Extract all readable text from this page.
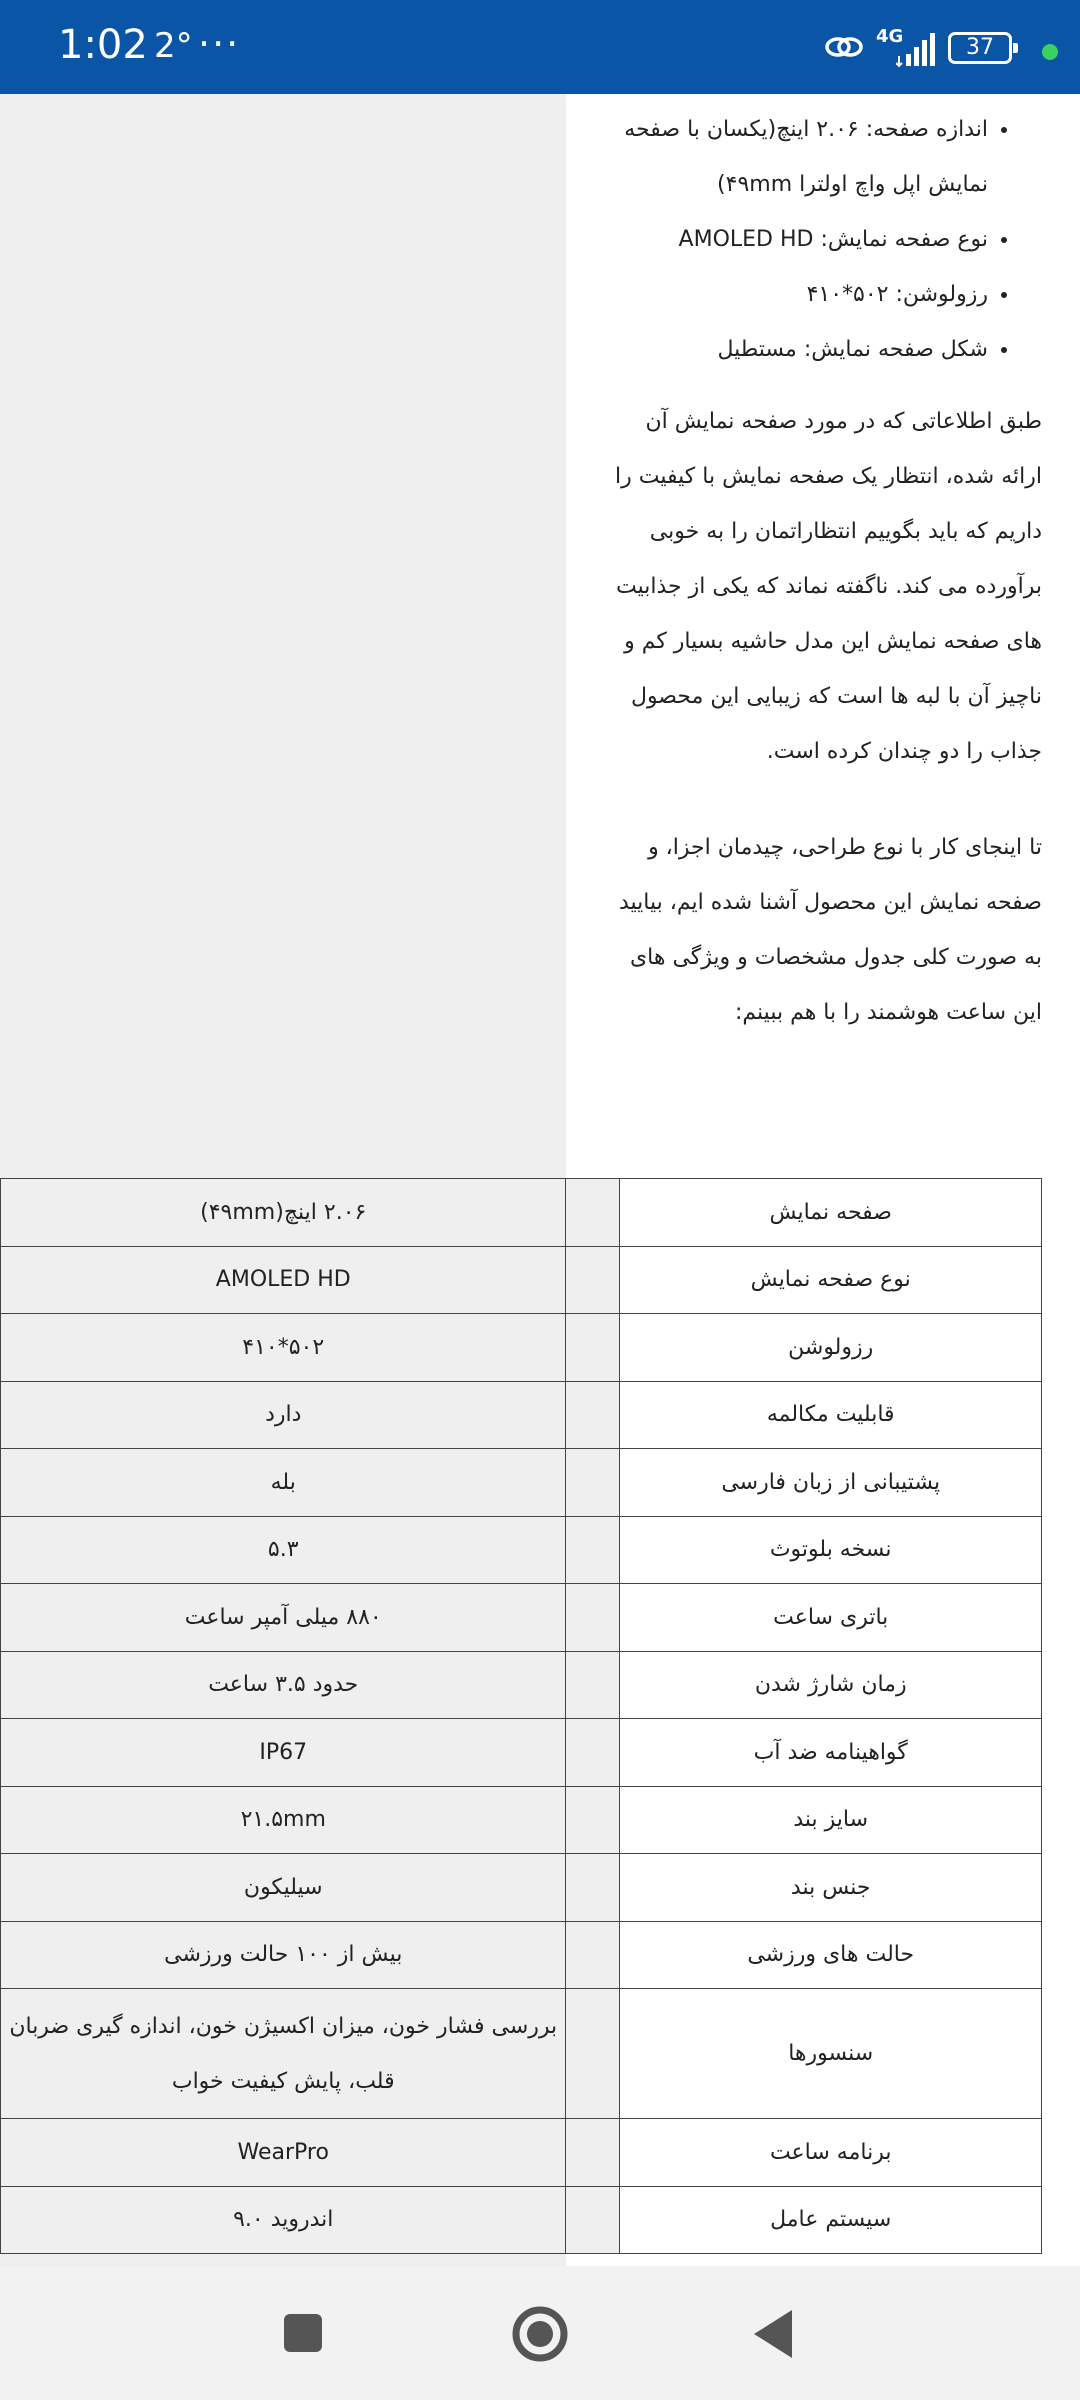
1:02 2° ···	4G	37
• اندازه صفحه: ۲.۰۶ اینچ(یکسان با صفحه نمایش اپل واچ اولترا ۴۹mm)
• نوع صفحه نمایش: AMOLED HD
• رزولوشن: ۵۰۲*۴۱۰
• شکل صفحه نمایش: مستطیل

طبق اطلاعاتی که در مورد صفحه نمایش آن ارائه شده، انتظار یک صفحه نمایش با کیفیت را داریم که باید بگوییم انتظاراتمان را به خوبی برآورده می کند. ناگفته نماند که یکی از جذابیت های صفحه نمایش این مدل حاشیه بسیار کم و ناچیز آن با لبه ها است که زیبایی این محصول جذاب را دو چندان کرده است.

تا اینجای کار با نوع طراحی، چیدمان اجزا، و صفحه نمایش این محصول آشنا شده ایم، بیایید به صورت کلی جدول مشخصات و ویژگی های این ساعت هوشمند را با هم ببینم:

صفحه نمایش		۲.۰۶ اینچ(۴۹mm)
نوع صفحه نمایش		AMOLED HD
رزولوشن		۵۰۲*۴۱۰
قابلیت مکالمه		دارد
پشتیبانی از زبان فارسی		بله
نسخه بلوتوث		۵.۳
باتری ساعت		۸۸۰ میلی آمپر ساعت
زمان شارژ شدن		حدود ۳.۵ ساعت
گواهینامه ضد آب		IP67
سایز بند		۲۱.۵mm
جنس بند		سیلیکون
حالت های ورزشی		بیش از ۱۰۰ حالت ورزشی
سنسورها		بررسی فشار خون، میزان اکسیژن خون، اندازه گیری ضربان قلب، پایش کیفیت خواب
برنامه ساعت		WearPro
سیستم عامل		اندروید ۹.۰
